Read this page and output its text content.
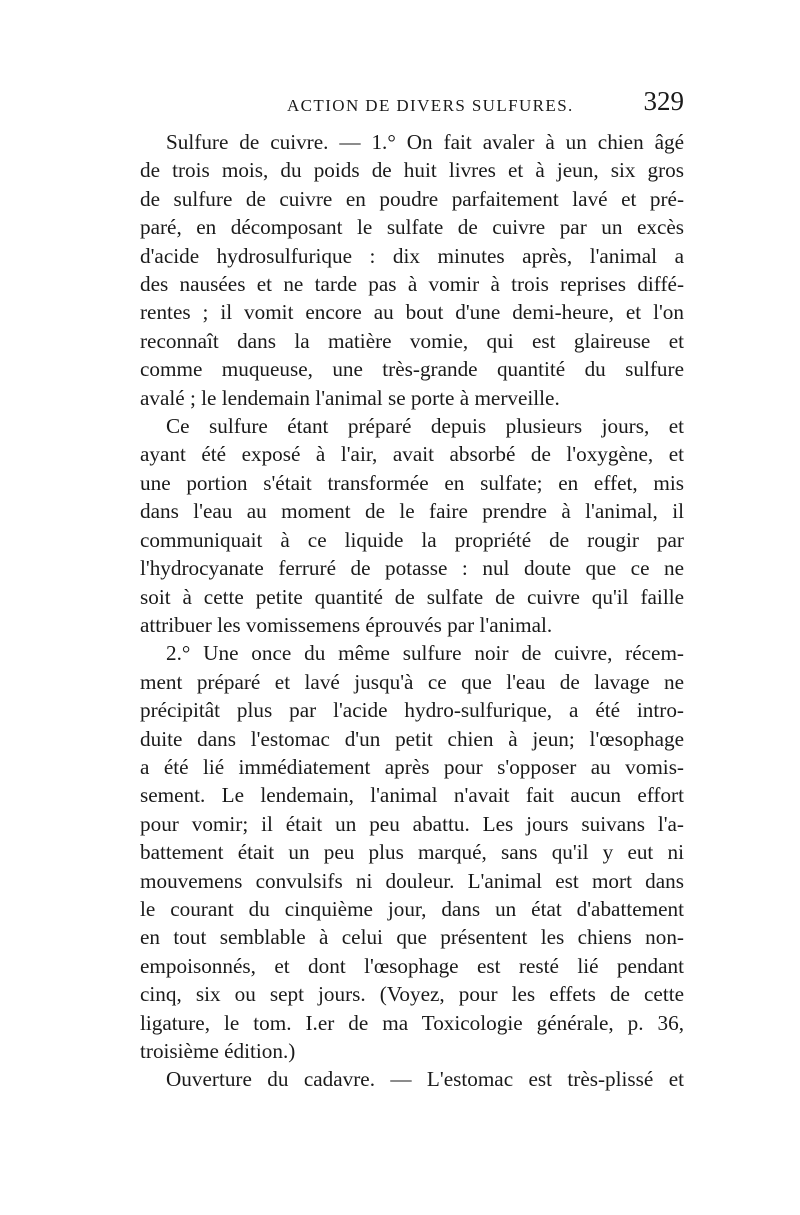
ACTION DE DIVERS SULFURES.	329
Sulfure de cuivre. — 1.° On fait avaler à un chien âgé
de trois mois, du poids de huit livres et à jeun, six gros
de sulfure de cuivre en poudre parfaitement lavé et pré-
paré, en décomposant le sulfate de cuivre par un excès
d'acide hydrosulfurique : dix minutes après, l'animal a
des nausées et ne tarde pas à vomir à trois reprises diffé-
rentes ; il vomit encore au bout d'une demi-heure, et l'on
reconnaît dans la matière vomie, qui est glaireuse et
comme muqueuse, une très-grande quantité du sulfure
avalé ; le lendemain l'animal se porte à merveille.
Ce sulfure étant préparé depuis plusieurs jours, et
ayant été exposé à l'air, avait absorbé de l'oxygène, et
une portion s'était transformée en sulfate; en effet, mis
dans l'eau au moment de le faire prendre à l'animal, il
communiquait à ce liquide la propriété de rougir par
l'hydrocyanate ferruré de potasse : nul doute que ce ne
soit à cette petite quantité de sulfate de cuivre qu'il faille
attribuer les vomissemens éprouvés par l'animal.
2.° Une once du même sulfure noir de cuivre, récem-
ment préparé et lavé jusqu'à ce que l'eau de lavage ne
précipitât plus par l'acide hydro-sulfurique, a été intro-
duite dans l'estomac d'un petit chien à jeun; l'œsophage
a été lié immédiatement après pour s'opposer au vomis-
sement. Le lendemain, l'animal n'avait fait aucun effort
pour vomir; il était un peu abattu. Les jours suivans l'a-
battement était un peu plus marqué, sans qu'il y eut ni
mouvemens convulsifs ni douleur. L'animal est mort dans
le courant du cinquième jour, dans un état d'abattement
en tout semblable à celui que présentent les chiens non-
empoisonnés, et dont l'œsophage est resté lié pendant
cinq, six ou sept jours. (Voyez, pour les effets de cette
ligature, le tom. I.er de ma Toxicologie générale, p. 36,
troisième édition.)
Ouverture du cadavre. — L'estomac est très-plissé et
